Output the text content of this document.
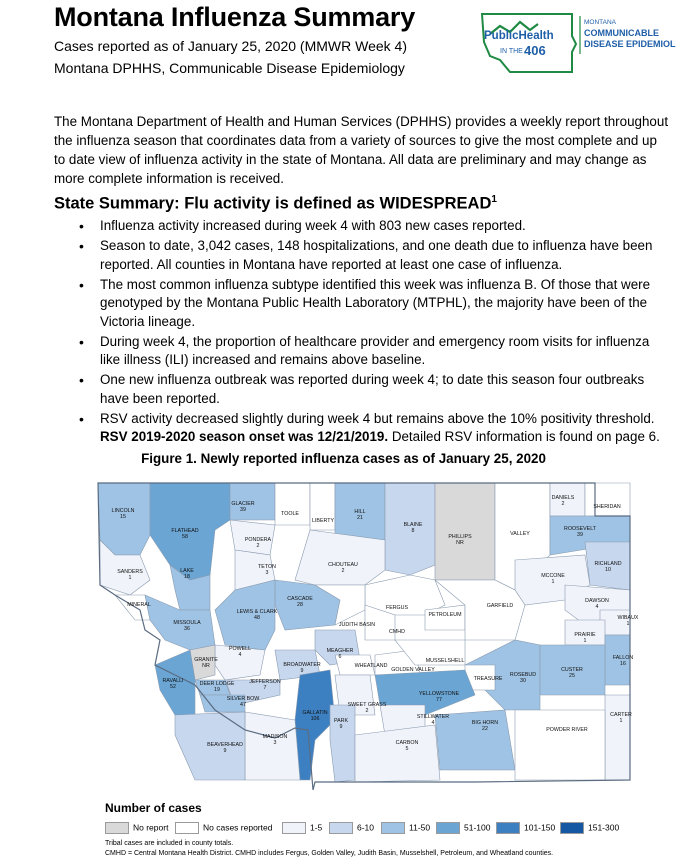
Montana Influenza Summary
Cases reported as of January 25, 2020 (MMWR Week 4)
Montana DPHHS, Communicable Disease Epidemiology
PublicHealth
IN THE 406
MONTANA
COMMUNICABLE
DISEASE EPIDEMIOL
The Montana Department of Health and Human Services (DPHHS) provides a weekly report throughout the influenza season that coordinates data from a variety of sources to give the most complete and up to date view of influenza activity in the state of Montana. All data are preliminary and may change as more complete information is received.
State Summary: Flu activity is defined as WIDESPREAD$^1$
• Influenza activity increased during week 4 with 803 new cases reported.
• Season to date, 3,042 cases, 148 hospitalizations, and one death due to influenza have been reported. All counties in Montana have reported at least one case of influenza.
• The most common influenza subtype identified this week was influenza B. Of those that were genotyped by the Montana Public Health Laboratory (MTPHL), the majority have been of the Victoria lineage.
• During week 4, the proportion of healthcare provider and emergency room visits for influenza like illness (ILI) increased and remains above baseline.
• One new influenza outbreak was reported during week 4; to date this season four outbreaks have been reported.
• RSV activity decreased slightly during week 4 but remains above the 10% positivity threshold. RSV 2019-2020 season onset was 12/21/2019. Detailed RSV information is found on page 6.
Figure 1. Newly reported influenza cases as of January 25, 2020
LINCOLN 15
FLATHEAD 58
GLACIER 39
TOOLE
LIBERTY
HILL 21
BLAINE 8
PHILLIPS NR
VALLEY
DANIELS 2	SHERIDAN
ROOSEVELT 39
PONDERA 2
SANDERS 1
LAKE 18
TETON 3
CHOUTEAU 2
RICHLAND 10
MCCONE 1
MINERAL
CASCADE 28	FERGUS
PETROLEUM
GARFIELD
DAWSON 4
WIBAUX 1
MISSOULA 36
LEWIS & CLARK 48
JUDITH BASIN
CMHD	PRAIRIE 1
POWELL 4
MEAGHER 6
GRANITE NR	BROADWATER 9
WHEATLAND
GOLDEN VALLEY
MUSSELSHELL	FALLON 16
RAVALLI 52	DEER LODGE 19
JEFFERSON 7
SILVER BOW 47
ROSEBUD 30
TREASURE
CUSTER 25
SWEET GRASS 2
YELLOWSTONE 77
GALLATIN 106	STILLWATER 4
PARK 9
CARTER 1
BIG HORN 22	POWDER RIVER
MADISON 3
BEAVERHEAD 9
CARBON 5
Number of cases
No report	No cases reported	1-5	6-10	11-50	51-100	101-150	151-300
Tribal cases are included in county totals.
CMHD = Central Montana Health District. CMHD includes Fergus, Golden Valley, Judith Basin, Musselshell, Petroleum, and Wheatland counties.
